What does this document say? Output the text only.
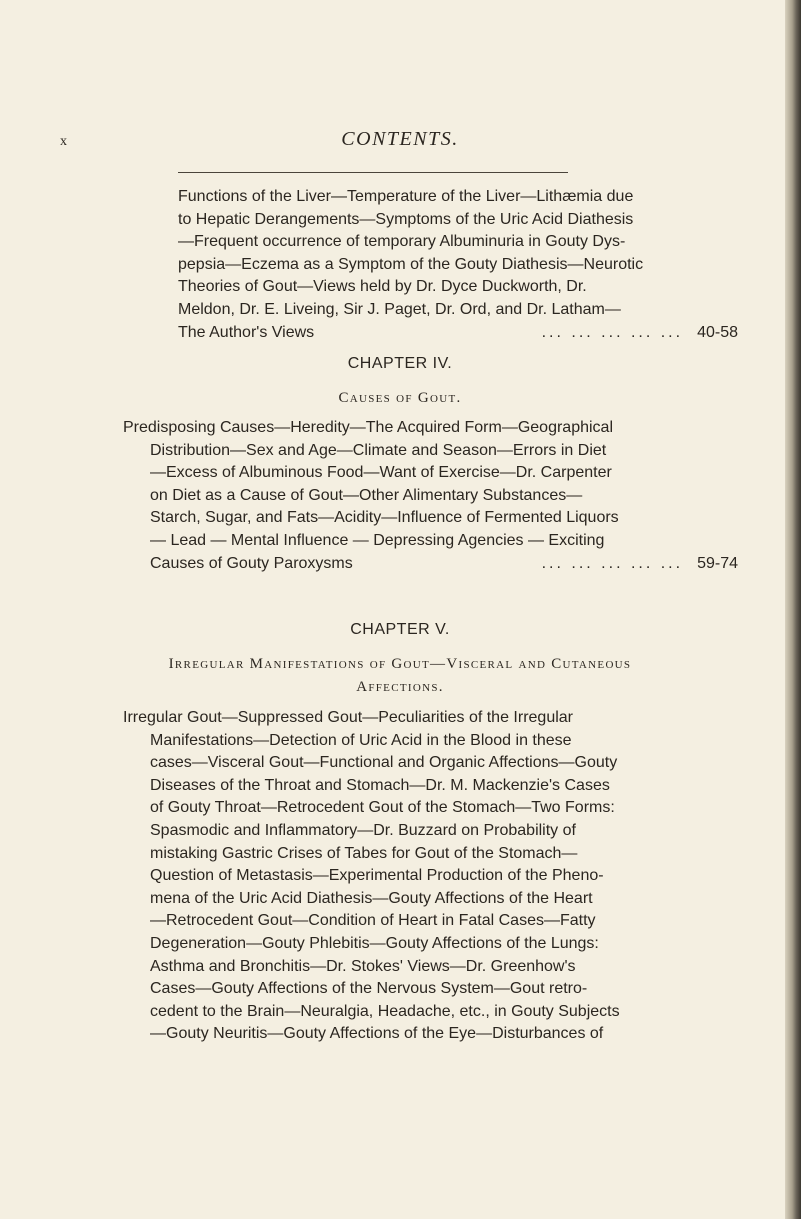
x	CONTENTS.
Functions of the Liver—Temperature of the Liver—Lithæmia due
to Hepatic Derangements—Symptoms of the Uric Acid Diathesis
—Frequent occurrence of temporary Albuminuria in Gouty Dys-
pepsia—Eczema as a Symptom of the Gouty Diathesis—Neurotic
Theories of Gout—Views held by Dr. Dyce Duckworth, Dr.
Meldon, Dr. E. Liveing, Sir J. Paget, Dr. Ord, and Dr. Latham—
The Author's Views	40-58
... ... ... ... ...
CHAPTER IV.
Causes of Gout.
Predisposing Causes—Heredity—The Acquired Form—Geographical
Distribution—Sex and Age—Climate and Season—Errors in Diet
—Excess of Albuminous Food—Want of Exercise—Dr. Carpenter
on Diet as a Cause of Gout—Other Alimentary Substances—
Starch, Sugar, and Fats—Acidity—Influence of Fermented Liquors
— Lead — Mental Influence — Depressing Agencies — Exciting
Causes of Gouty Paroxysms	59-74
... ... ... ... ...
CHAPTER V.
Irregular Manifestations of Gout—Visceral and Cutaneous
Affections.
Irregular Gout—Suppressed Gout—Peculiarities of the Irregular
Manifestations—Detection of Uric Acid in the Blood in these
cases—Visceral Gout—Functional and Organic Affections—Gouty
Diseases of the Throat and Stomach—Dr. M. Mackenzie's Cases
of Gouty Throat—Retrocedent Gout of the Stomach—Two Forms:
Spasmodic and Inflammatory—Dr. Buzzard on Probability of
mistaking Gastric Crises of Tabes for Gout of the Stomach—
Question of Metastasis—Experimental Production of the Pheno-
mena of the Uric Acid Diathesis—Gouty Affections of the Heart
—Retrocedent Gout—Condition of Heart in Fatal Cases—Fatty
Degeneration—Gouty Phlebitis—Gouty Affections of the Lungs:
Asthma and Bronchitis—Dr. Stokes' Views—Dr. Greenhow's
Cases—Gouty Affections of the Nervous System—Gout retro-
cedent to the Brain—Neuralgia, Headache, etc., in Gouty Subjects
—Gouty Neuritis—Gouty Affections of the Eye—Disturbances of
